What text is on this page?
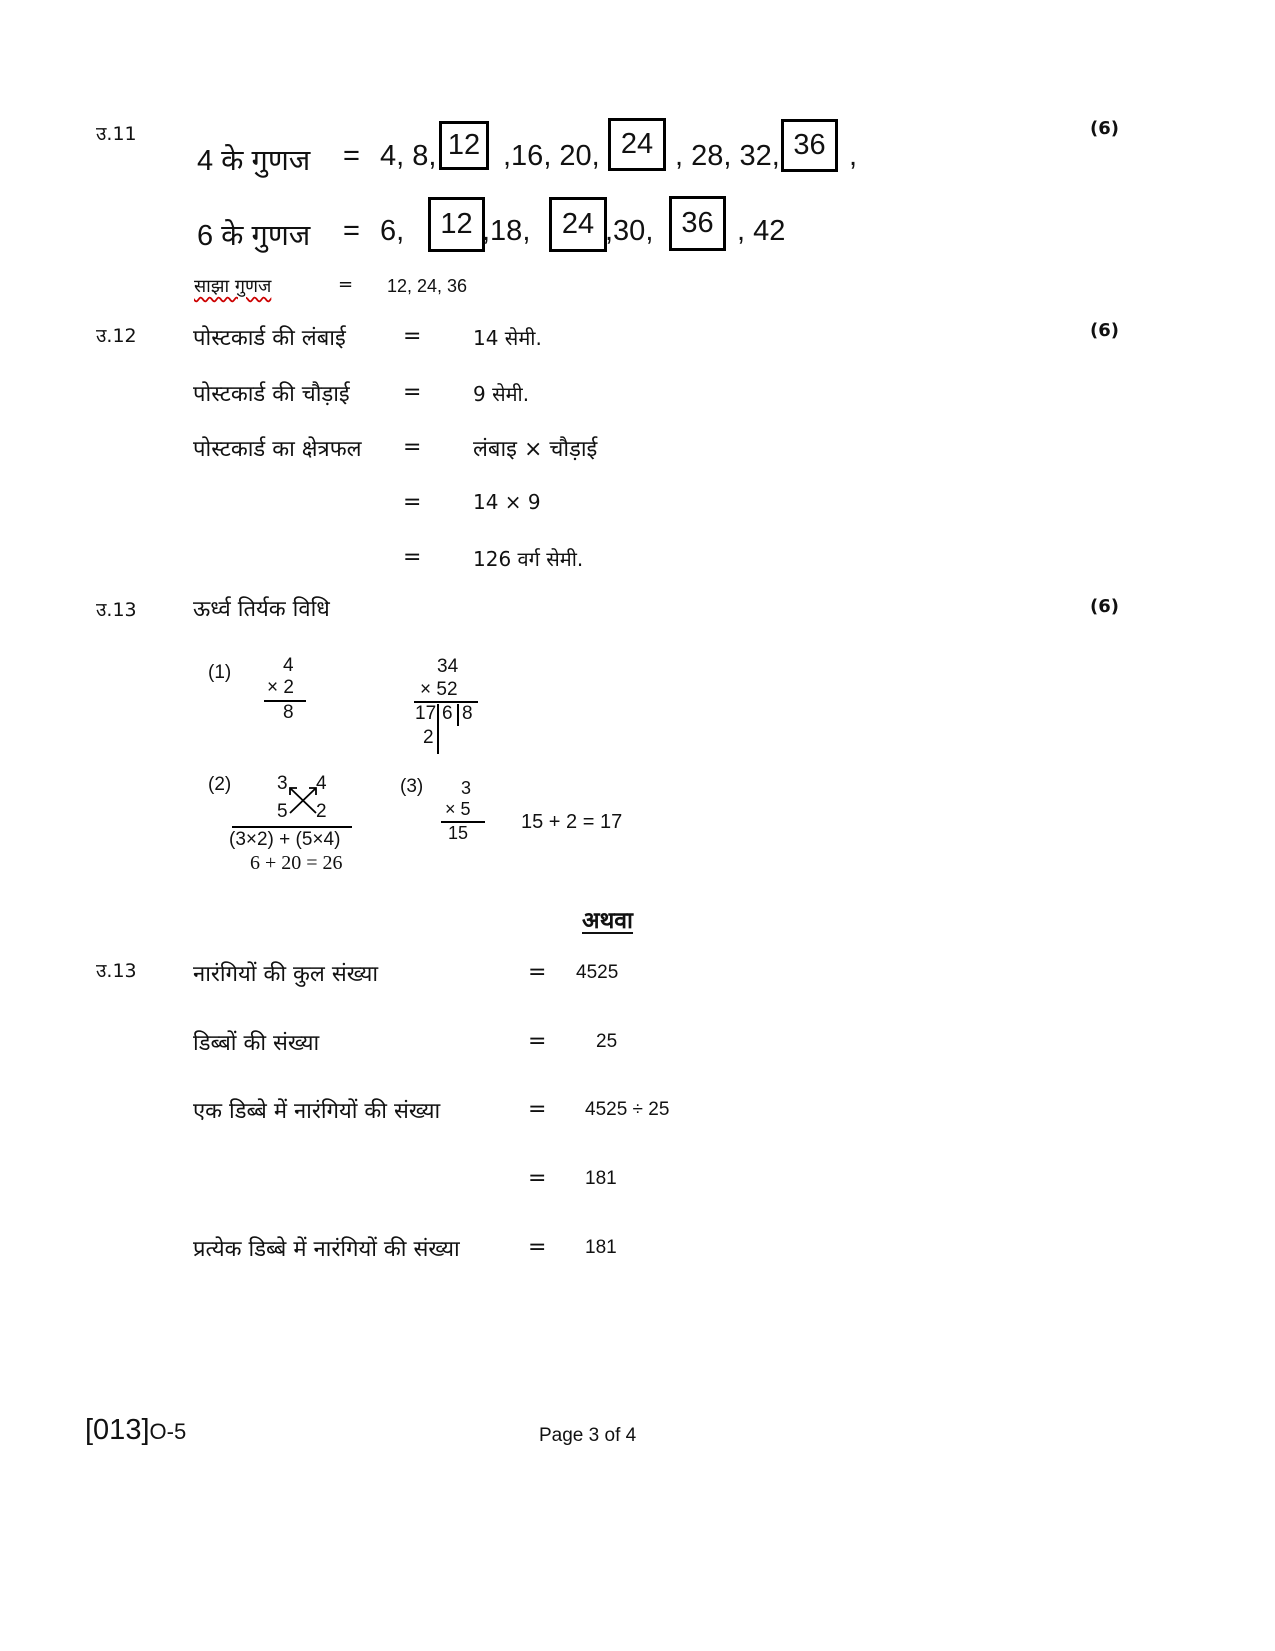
उ.11	(6)
4 के गुणज = 4, 8, 12 ,16, 20, 24 , 28, 32, 36 ,
6 के गुणज = 6,	12 ,18,	24 ,30, 36 , 42
साझा गुणज	= 12, 24, 36
उ.12	(6)
पोस्टकार्ड की लंबाई	=	14 सेमी.
पोस्टकार्ड की चौड़ाई =	9 सेमी.
पोस्टकार्ड का क्षेत्रफल = लंबाइ × चौड़ाई
=	14 × 9
=	126 वर्ग सेमी.
उ.13	(6)
ऊर्ध्व तिर्यक विधि
(1)	4
× 2
8
34
× 52
17 6 8
2
(2) 3 4
5 2
(3×2) + (5×4)
6 + 20 = 26
(3) 3
× 5
15	15 + 2 = 17
अथवा
उ.13	नारंगियों की कुल संख्या	= 4525
डिब्बों की संख्या	=	25
एक डिब्बे में नारंगियों की संख्या	= 4525 ÷ 25
= 181
प्रत्येक डिब्बे में नारंगियों की संख्या	= 181
[013]O-5	Page 3 of 4
